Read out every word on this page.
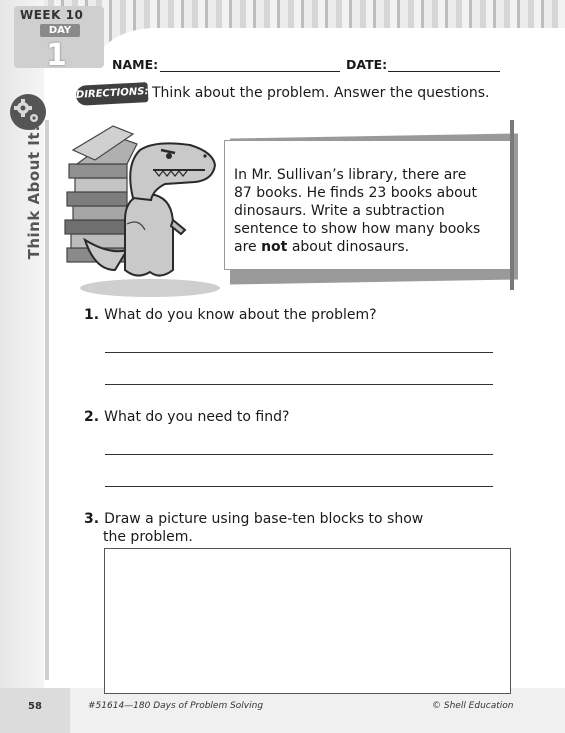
WEEK 10
DAY
1
Think About It!
NAME:	DATE:
DIRECTIONS: Think about the problem. Answer the questions.
In Mr. Sullivan’s library, there are
87 books. He finds 23 books about
dinosaurs. Write a subtraction
sentence to show how many books
are not about dinosaurs.
1. What do you know about the problem?
2. What do you need to find?
3. Draw a picture using base-ten blocks to show
the problem.
58	#51614—180 Days of Problem Solving	© Shell Education
